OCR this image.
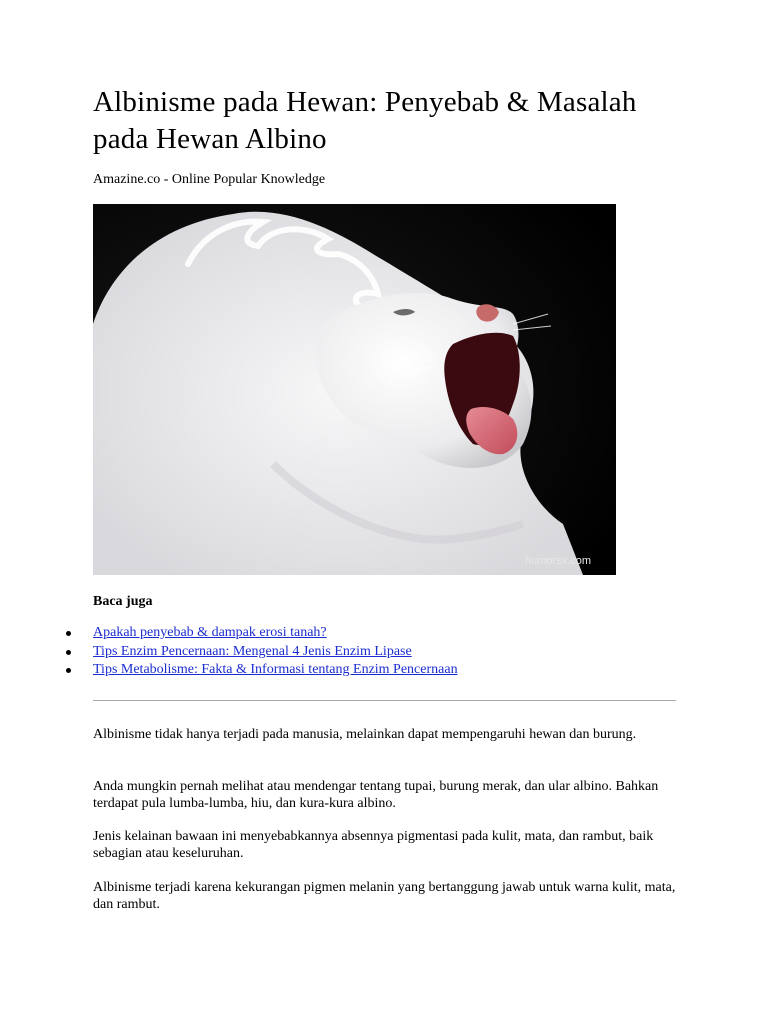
Albinisme pada Hewan: Penyebab & Masalah pada Hewan Albino
Amazine.co - Online Popular Knowledge
humorsx.com
Baca juga
Apakah penyebab & dampak erosi tanah?
Tips Enzim Pencernaan: Mengenal 4 Jenis Enzim Lipase
Tips Metabolisme: Fakta & Informasi tentang Enzim Pencernaan

Albinisme tidak hanya terjadi pada manusia, melainkan dapat mempengaruhi hewan dan burung.

Anda mungkin pernah melihat atau mendengar tentang tupai, burung merak, dan ular albino. Bahkan terdapat pula lumba-lumba, hiu, dan kura-kura albino.

Jenis kelainan bawaan ini menyebabkannya absennya pigmentasi pada kulit, mata, dan rambut, baik sebagian atau keseluruhan.

Albinisme terjadi karena kekurangan pigmen melanin yang bertanggung jawab untuk warna kulit, mata, dan rambut.
